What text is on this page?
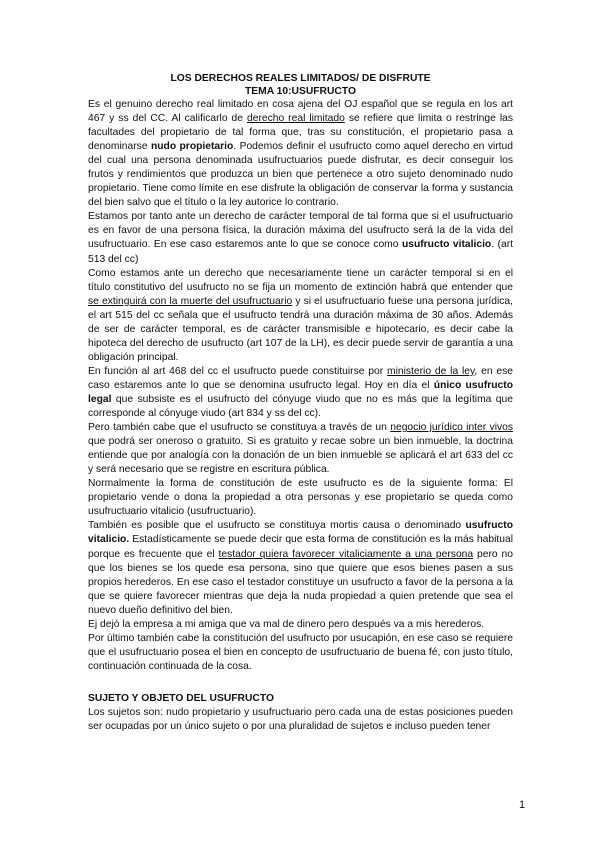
LOS DERECHOS REALES LIMITADOS/ DE DISFRUTE

TEMA 10:USUFRUCTO

Es el genuino derecho real limitado en cosa ajena del OJ español que se regula en los art 467 y ss del CC. Al calificarlo de derecho real limitado se refiere que limita o restringe las facultades del propietario de tal forma que, tras su constitución, el propietario pasa a denominarse nudo propietario. Podemos definir el usufructo como aquel derecho en virtud del cual una persona denominada usufructuarios puede disfrutar, es decir conseguir los frutos y rendimientos que produzca un bien que pertenece a otro sujeto denominado nudo propietario. Tiene como límite en ese disfrute la obligación de conservar la forma y sustancia del bien salvo que el título o la ley autorice lo contrario.

Estamos por tanto ante un derecho de carácter temporal de tal forma que si el usufructuario es en favor de una persona física, la duración máxima del usufructo será la de la vida del usufructuario. En ese caso estaremos ante lo que se conoce como usufructo vitalicio. (art 513 del cc)

Como estamos ante un derecho que necesariamente tiene un carácter temporal si en el título constitutivo del usufructo no se fija un momento de extinción habrá que entender que se extinguirá con la muerte del usufructuario y si el usufructuario fuese una persona jurídica, el art 515 del cc señala que el usufructo tendrá una duración máxima de 30 años. Además de ser de carácter temporal, es de carácter transmisible e hipotecario, es decir cabe la hipoteca del derecho de usufructo (art 107 de la LH), es decir puede servir de garantía a una obligación principal.

En función al art 468 del cc el usufructo puede constituirse por ministerio de la ley, en ese caso estaremos ante lo que se denomina usufructo legal. Hoy en día el único usufructo legal que subsiste es el usufructo del cónyuge viudo que no es más que la legítima que corresponde al cónyuge viudo (art 834 y ss del cc).

Pero también cabe que el usufructo se constituya a través de un negocio jurídico inter vivos que podrá ser oneroso o gratuito. Si es gratuito y recae sobre un bien inmueble, la doctrina entiende que por analogía con la donación de un bien inmueble se aplicará el art 633 del cc y será necesario que se registre en escritura pública.

Normalmente la forma de constitución de este usufructo es de la siguiente forma: El propietario vende o dona la propiedad a otra personas y ese propietario se queda como usufructuario vitalicio (usufructuario).

También es posible que el usufructo se constituya mortis causa o denominado usufructo vitalicio. Estadísticamente se puede decir que esta forma de constitución es la más habitual porque es frecuente que el testador quiera favorecer vitaliciamente a una persona pero no que los bienes se los quede esa persona, sino que quiere que esos bienes pasen a sus propios herederos. En ese caso el testador constituye un usufructo a favor de la persona a la que se quiere favorecer mientras que deja la nuda propiedad a quien pretende que sea el nuevo dueño definitivo del bien.

Ej dejó la empresa a mi amiga que va mal de dinero pero después va a mis herederos.

Por último también cabe la constitución del usufructo por usucapión, en ese caso se requiere que el usufructuario posea el bien en concepto de usufructuario de buena fé, con justo título, continuación continuada de la cosa.

SUJETO Y OBJETO DEL USUFRUCTO

Los sujetos son: nudo propietario y usufructuario pero cada una de estas posiciones pueden ser ocupadas por un único sujeto o por una pluralidad de sujetos e incluso pueden tener

1
